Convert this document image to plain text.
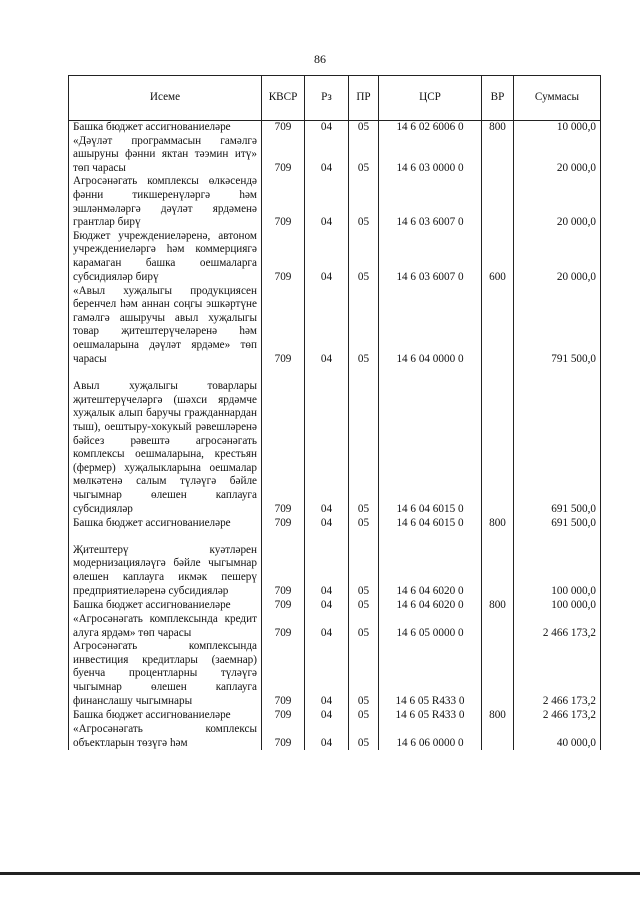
86
Исеме	КВСР	Рз	ПР	ЦСР	ВР	Суммасы
Башка бюджет ассигнованиеләре	709	04	05	14 6 02 6006 0	800	10 000,0
«Дәүләт программасын гамәлгә ашыруны фәнни яктан тәэмин итү» төп чарасы	709	04	05	14 6 03 0000 0		20 000,0
Агросәнәгать комплексы өлкәсендә фәнни тикшеренүләргә һәм эшләнмәләргә дәүләт ярдәменә грантлар бирү	709	04	05	14 6 03 6007 0		20 000,0
Бюджет учреждениеләренә, автоном учреждениеләргә һәм коммерциягә карамаган башка оешмаларга субсидияләр бирү	709	04	05	14 6 03 6007 0	600	20 000,0
«Авыл хуҗалыгы продукциясен беренчел һәм аннан соңгы эшкәртүне гамәлгә ашыручы авыл хуҗалыгы товар җитештерүчеләренә һәм оешмаларына дәүләт ярдәме» төп чарасы	709	04	05	14 6 04 0000 0		791 500,0
Авыл хуҗалыгы товарлары җитештерүчеләргә (шәхси ярдәмче хуҗалык алып баручы гражданнардан тыш), оештыру-хокукый рәвешләренә бәйсез рәвештә агросәнәгать комплексы оешмаларына, крестьян (фермер) хуҗалыкларына оешмалар мөлкәтенә салым түләүгә бәйле чыгымнар өлешен каплауга субсидияләр	709	04	05	14 6 04 6015 0		691 500,0
Башка бюджет ассигнованиеләре	709	04	05	14 6 04 6015 0	800	691 500,0
Җитештерү куәтләрен модернизацияләүгә бәйле чыгымнар өлешен каплауга икмәк пешерү предприятиеләренә субсидияләр	709	04	05	14 6 04 6020 0		100 000,0
Башка бюджет ассигнованиеләре	709	04	05	14 6 04 6020 0	800	100 000,0
«Агросәнәгать комплексында кредит алуга ярдәм» төп чарасы	709	04	05	14 6 05 0000 0		2 466 173,2
Агросәнәгать комплексында инвестиция кредитлары (заемнар) буенча процентларны түләүгә чыгымнар өлешен каплауга финанслашу чыгымнары	709	04	05	14 6 05 R433 0		2 466 173,2
Башка бюджет ассигнованиеләре	709	04	05	14 6 05 R433 0	800	2 466 173,2
«Агросәнәгать комплексы объектларын төзүгә һәм	709	04	05	14 6 06 0000 0		40 000,0
